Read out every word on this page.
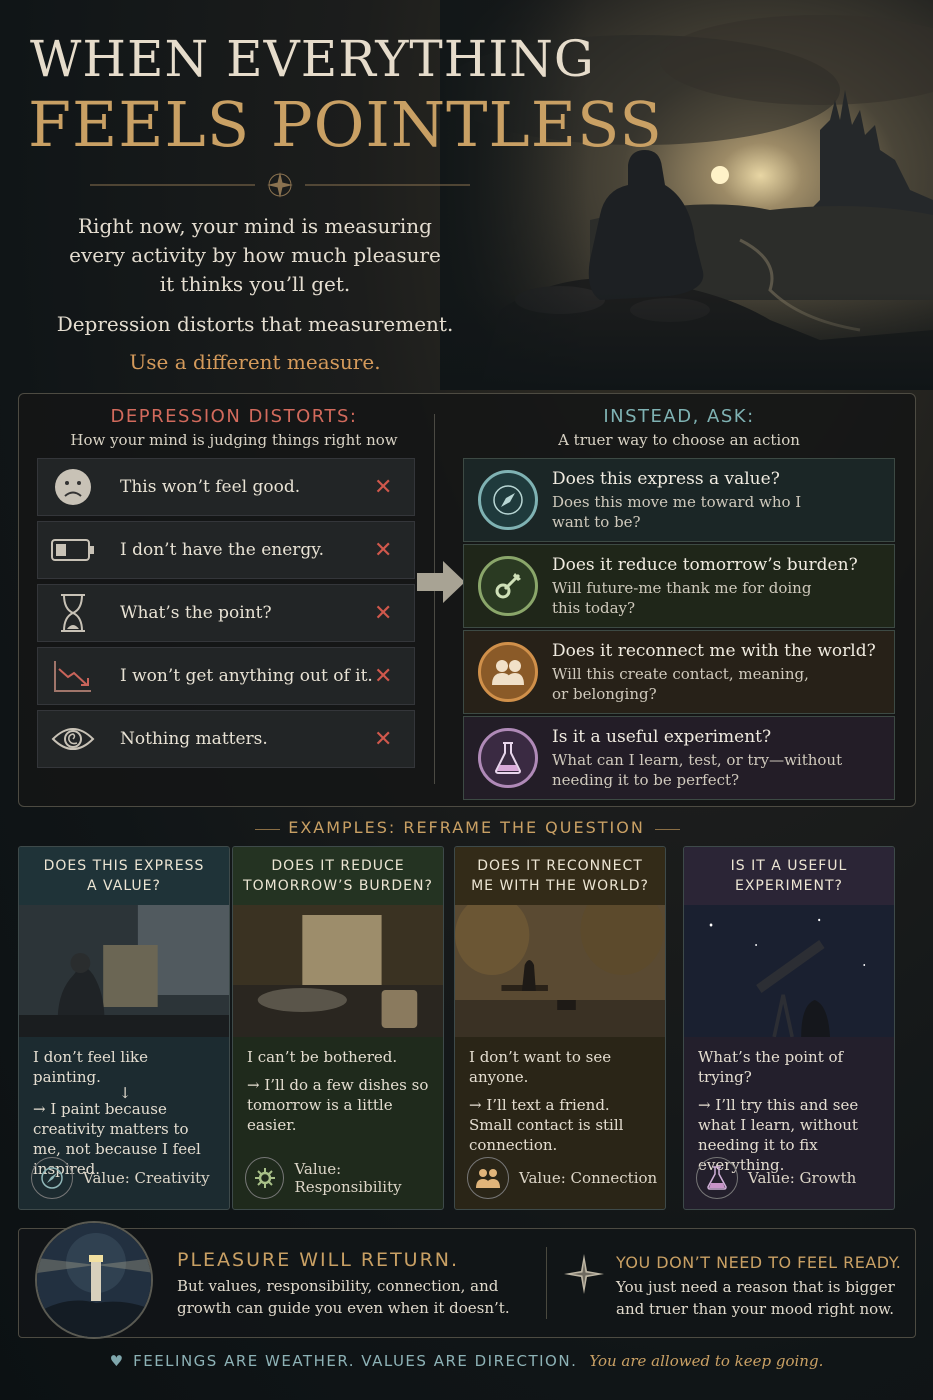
WHEN EVERYTHING
FEELS POINTLESS
Right now, your mind is measuring
every activity by how much pleasure
it thinks you’ll get.
Depression distorts that measurement.
Use a different measure.
DEPRESSION DISTORTS:
How your mind is judging things right now
INSTEAD, ASK:
A truer way to choose an action
This won’t feel good.	✕
I don’t have the energy.	✕
What’s the point?	✕
I won’t get anything out of it. ✕
Nothing matters.	✕
Does this express a value?
Does this move me toward who I
want to be?
Does it reduce tomorrow’s burden?
Will future-me thank me for doing
this today?
Does it reconnect me with the world?
Will this create contact, meaning,
or belonging?
Is it a useful experiment?
What can I learn, test, or try—without
needing it to be perfect?
EXAMPLES: REFRAME THE QUESTION
DOES THIS EXPRESS
A VALUE?
I don’t feel like painting.
↓
→ I paint because creativity matters to me, not because I feel inspired.
Value: Creativity
DOES IT REDUCE
TOMORROW’S BURDEN?
I can’t be bothered.
→ I’ll do a few dishes so tomorrow is a little easier.
Value: Responsibility
DOES IT RECONNECT
ME WITH THE WORLD?
I don’t want to see anyone.
→ I’ll text a friend. Small contact is still connection.
Value: Connection
IS IT A USEFUL
EXPERIMENT?
What’s the point of trying?
→ I’ll try this and see what I learn, without needing it to fix everything.
Value: Growth
PLEASURE WILL RETURN.
But values, responsibility, connection, and growth can guide you even when it doesn’t.
YOU DON’T NEED TO FEEL READY.
You just need a reason that is bigger and truer than your mood right now.
♥ FEELINGS ARE WEATHER. VALUES ARE DIRECTION. You are allowed to keep going.
